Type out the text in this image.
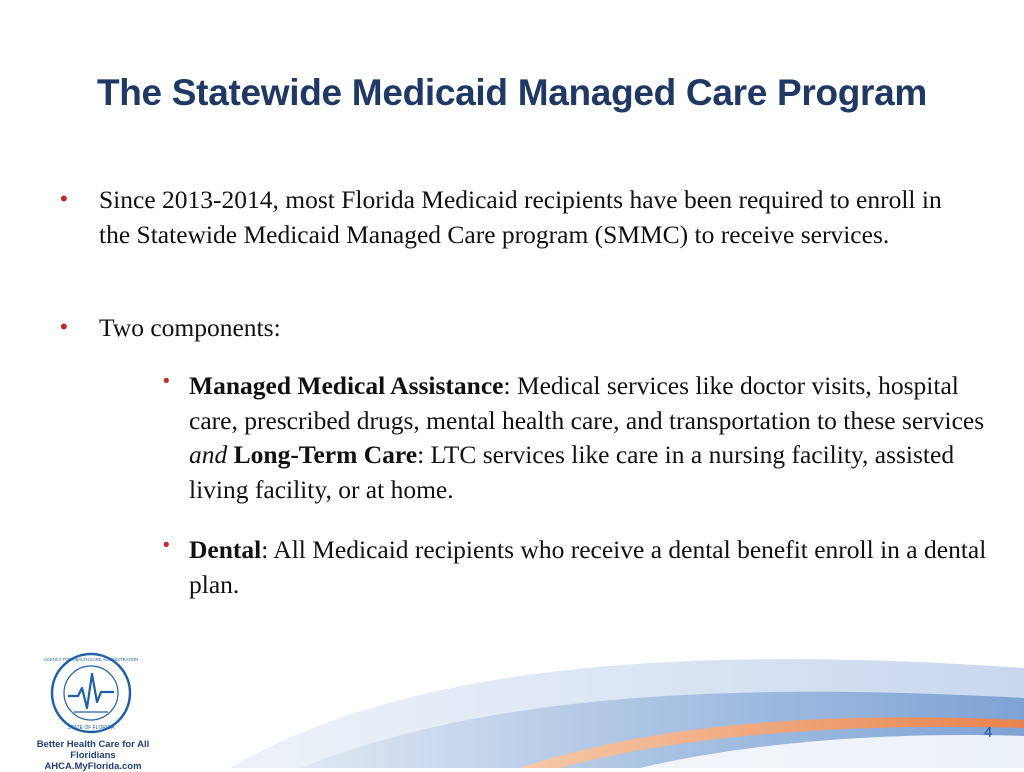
The Statewide Medicaid Managed Care Program
• Since 2013-2014, most Florida Medicaid recipients have been required to enroll in the Statewide Medicaid Managed Care program (SMMC) to receive services.
• Two components:
• Managed Medical Assistance: Medical services like doctor visits, hospital care, prescribed drugs, mental health care, and transportation to these services and Long-Term Care: LTC services like care in a nursing facility, assisted living facility, or at home.
• Dental: All Medicaid recipients who receive a dental benefit enroll in a dental plan.
AGENCY FOR HEALTH CARE ADMINISTRATION
STATE OF FLORIDA
Better Health Care for All Floridians
AHCA.MyFlorida.com
4
